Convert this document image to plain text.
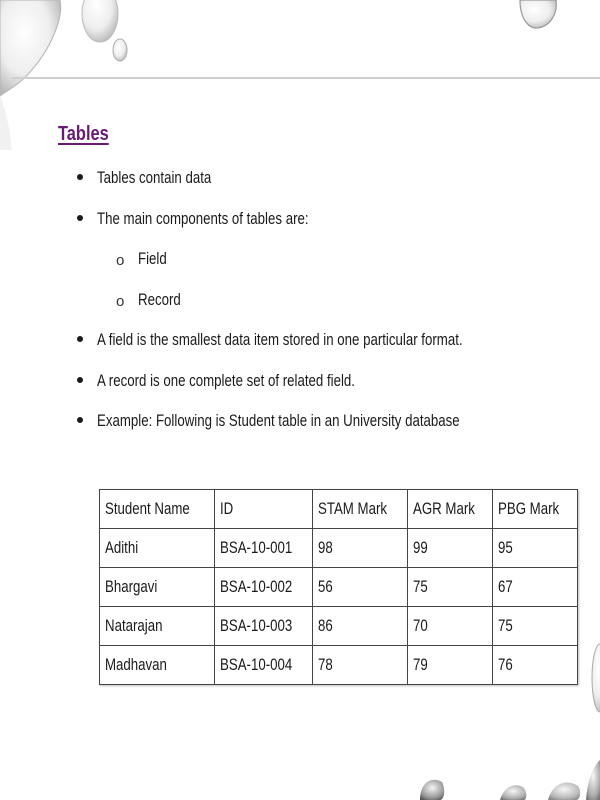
Tables
Tables contain data
The main components of tables are:
o Field
o Record
A field is the smallest data item stored in one particular format.
A record is one complete set of related field.
Example: Following is Student table in an University database
Student Name	ID	STAM Mark	AGR Mark	PBG Mark
Adithi	BSA-10-001	98	99	95
Bhargavi	BSA-10-002	56	75	67
Natarajan	BSA-10-003	86	70	75
Madhavan	BSA-10-004	78	79	76
